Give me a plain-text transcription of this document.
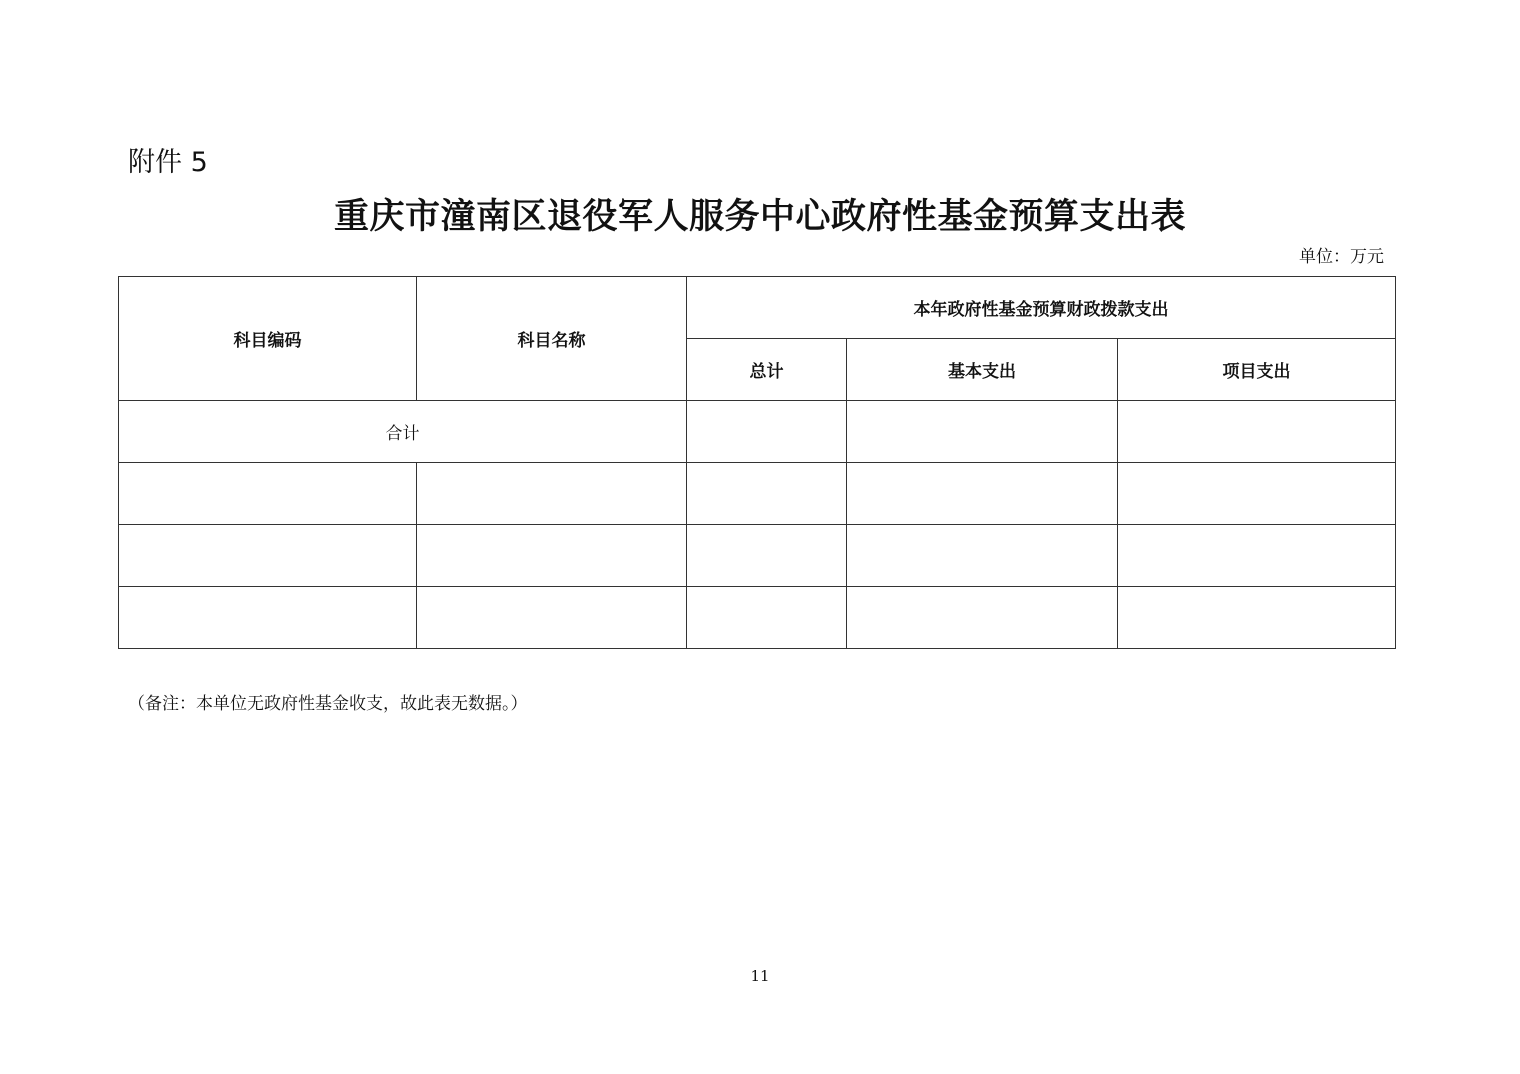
附件 5
重庆市潼南区退役军人服务中心政府性基金预算支出表
单位：万元
科目编码	科目名称	本年政府性基金预算财政拨款支出		
		总计	基本支出	项目支出
合计				

（备注：本单位无政府性基金收支，故此表无数据。）
11
